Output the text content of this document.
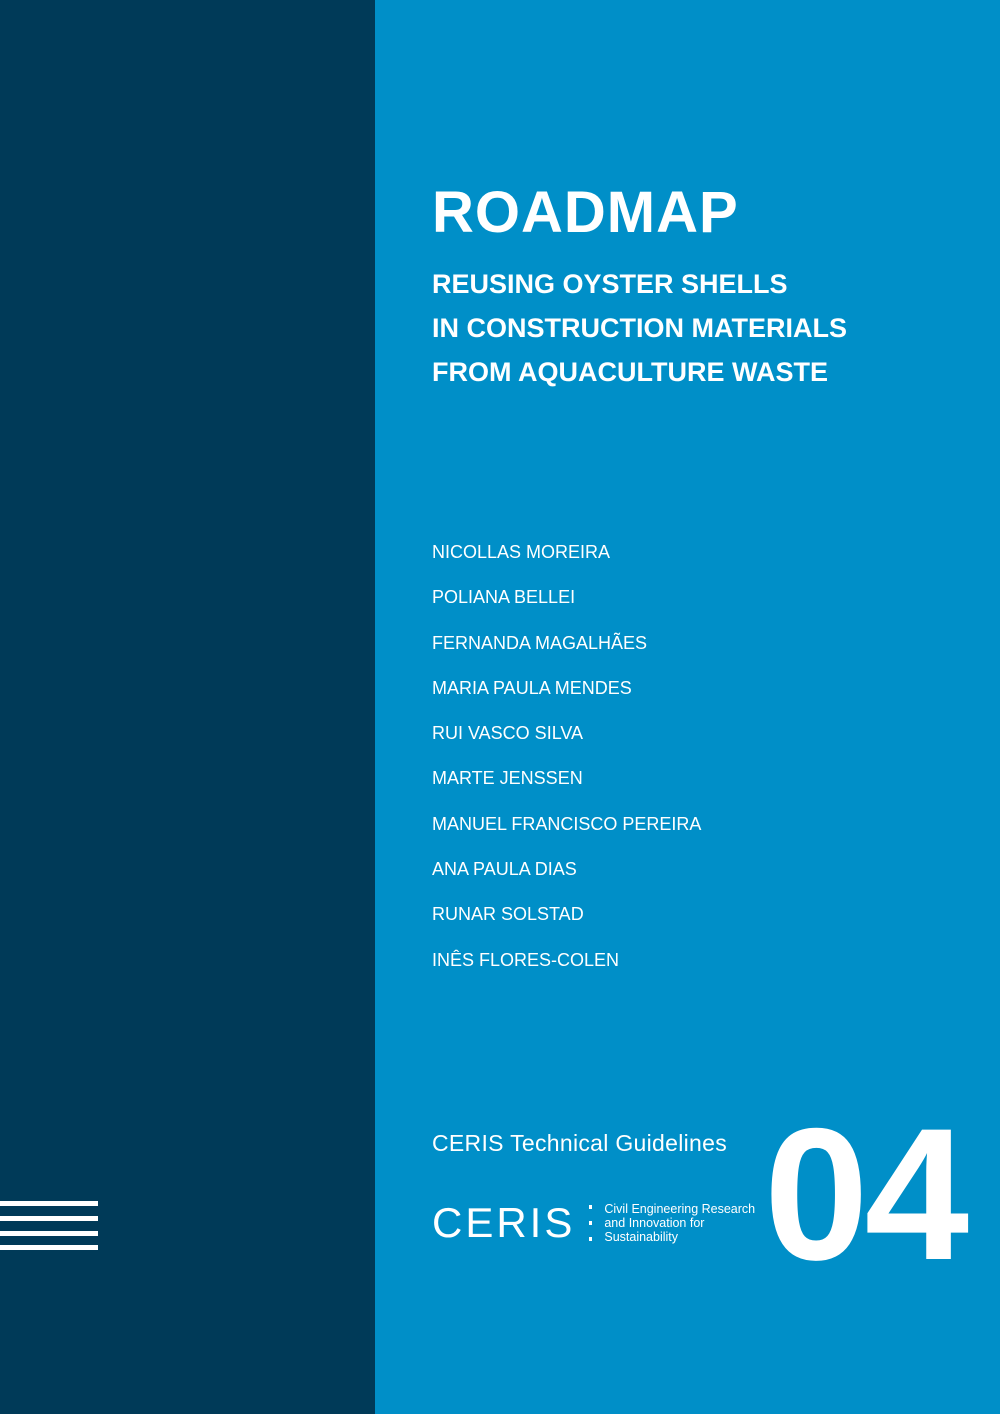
ROADMAP
REUSING OYSTER SHELLS
IN CONSTRUCTION MATERIALS
FROM AQUACULTURE WASTE
NICOLLAS MOREIRA
POLIANA BELLEI
FERNANDA MAGALHÃES
MARIA PAULA MENDES
RUI VASCO SILVA
MARTE JENSSEN
MANUEL FRANCISCO PEREIRA
ANA PAULA DIAS
RUNAR SOLSTAD
INÊS FLORES-COLEN
CERIS Technical Guidelines
CERIS Civil Engineering Research
and Innovation for
Sustainability 04
